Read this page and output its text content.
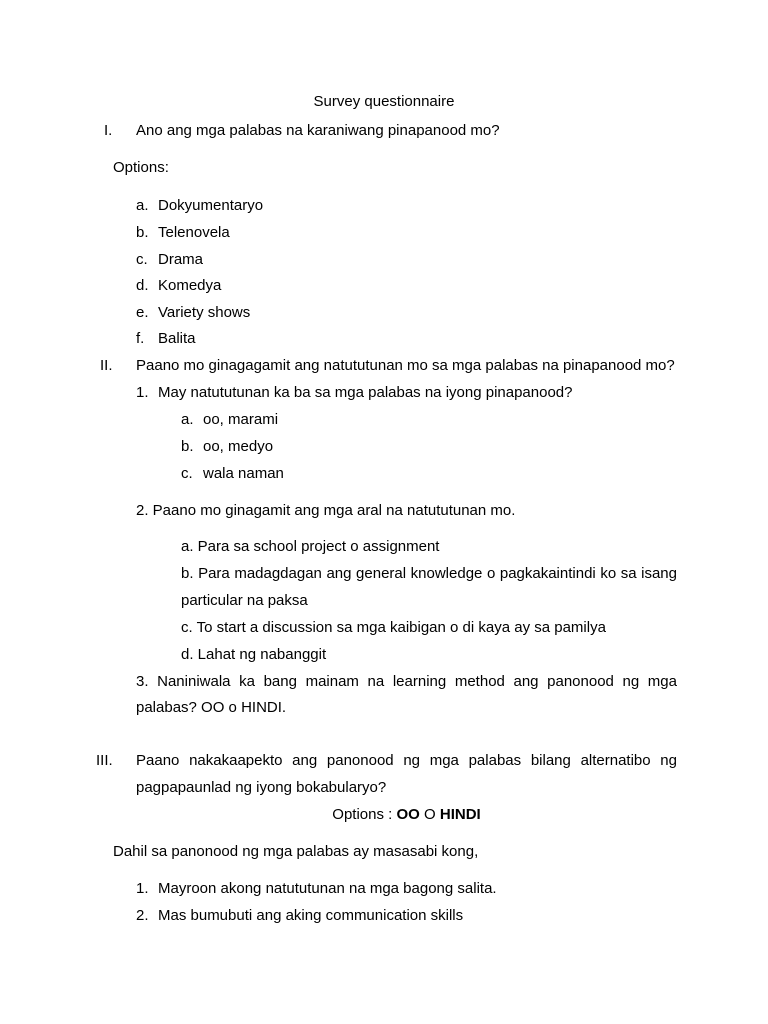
Survey questionnaire
I. Ano ang mga palabas na karaniwang pinapanood mo?
Options:
a. Dokyumentaryo
b. Telenovela
c. Drama
d. Komedya
e. Variety shows
f. Balita
II. Paano mo ginagagamit ang natututunan mo sa mga palabas na pinapanood mo?
1. May natututunan ka ba sa mga palabas na iyong pinapanood?
a. oo, marami
b. oo, medyo
c. wala naman
2. Paano mo ginagamit ang mga aral na natututunan mo.
a. Para sa school project o assignment
b. Para madagdagan ang general knowledge o pagkakaintindi ko sa isang
particular na paksa
c. To start a discussion sa mga kaibigan o di kaya ay sa pamilya
d. Lahat ng nabanggit
3. Naniniwala ka bang mainam na learning method ang panonood ng mga
palabas? OO o HINDI.
III. Paano nakakaapekto ang panonood ng mga palabas bilang alternatibo ng
pagpapaunlad ng iyong bokabularyo?
Options : OO O HINDI
Dahil sa panonood ng mga palabas ay masasabi kong,
1. Mayroon akong natututunan na mga bagong salita.
2. Mas bumubuti ang aking communication skills
